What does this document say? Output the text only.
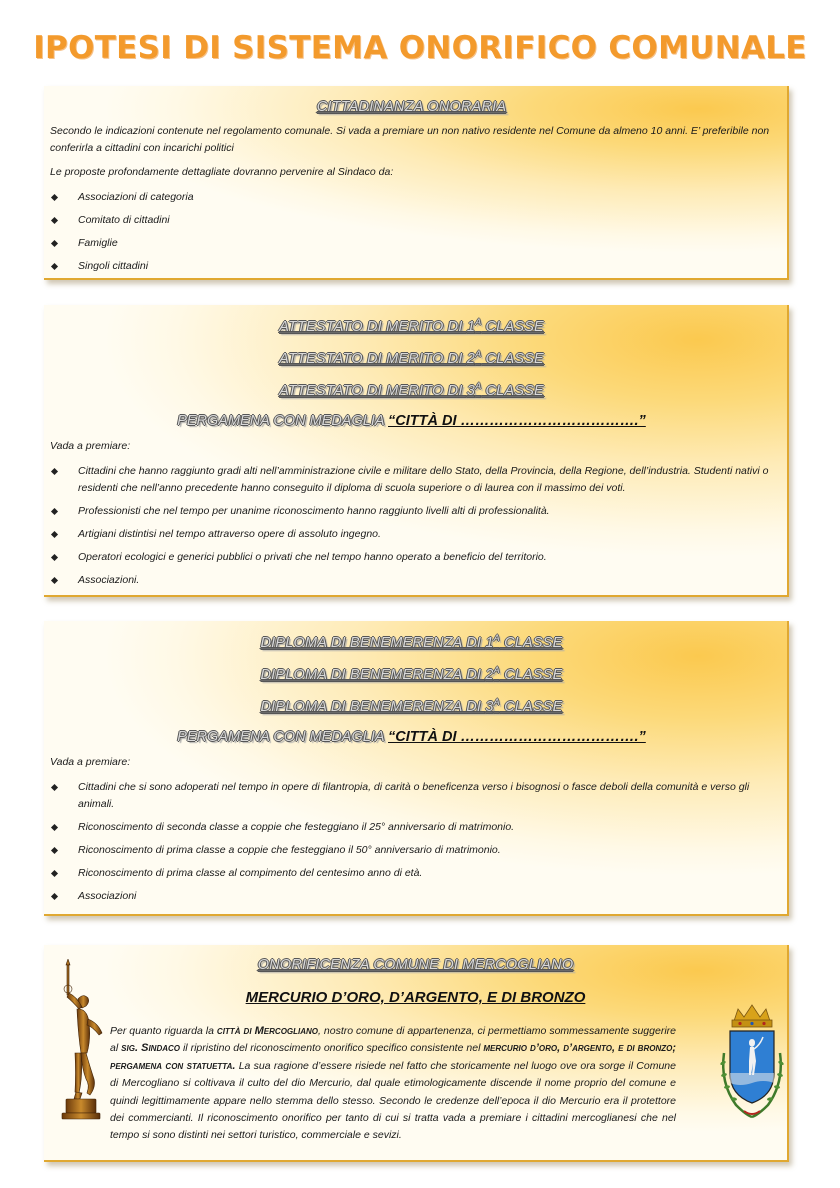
IPOTESI DI SISTEMA ONORIFICO COMUNALE
CITTADINANZA ONORARIA

Secondo le indicazioni contenute nel regolamento comunale. Si vada a premiare un non nativo residente nel Comune da almeno 10 anni. E’ preferibile non conferirla a cittadini con incarichi politici

Le proposte profondamente dettagliate dovranno pervenire al Sindaco da:

Associazioni di categoria
Comitato di cittadini
Famiglie
Singoli cittadini
ATTESTATO DI MERITO DI $1^A$ CLASSE
ATTESTATO DI MERITO DI $2^A$ CLASSE
ATTESTATO DI MERITO DI $3^A$ CLASSE
PERGAMENA CON MEDAGLIA “CITTÀ DI ……………………………….”

Vada a premiare:

Cittadini che hanno raggiunto gradi alti nell’amministrazione civile e militare dello Stato, della Provincia, della Regione, dell’industria. Studenti nativi o residenti che nell’anno precedente hanno conseguito il diploma di scuola superiore o di laurea con il massimo dei voti.
Professionisti che nel tempo per unanime riconoscimento hanno raggiunto livelli alti di professionalità.
Artigiani distintisi nel tempo attraverso opere di assoluto ingegno.
Operatori ecologici e generici pubblici o privati che nel tempo hanno operato a beneficio del territorio.
Associazioni.
DIPLOMA DI BENEMERENZA DI $1^A$ CLASSE
DIPLOMA DI BENEMERENZA DI $2^A$ CLASSE
DIPLOMA DI BENEMERENZA DI $3^A$ CLASSE
PERGAMENA CON MEDAGLIA “CITTÀ DI ……………………………….”

Vada a premiare:

Cittadini che si sono adoperati nel tempo in opere di filantropia, di carità o beneficenza verso i bisognosi o fasce deboli della comunità e verso gli animali.
Riconoscimento di seconda classe a coppie che festeggiano il 25° anniversario di matrimonio.
Riconoscimento di prima classe a coppie che festeggiano il 50° anniversario di matrimonio.
Riconoscimento di prima classe al compimento del centesimo anno di età.
Associazioni
ONORIFICENZA COMUNE DI MERCOGLIANO
MERCURIO D’ORO, D’ARGENTO, E DI BRONZO
Per quanto riguarda la città di Mercogliano, nostro comune di appartenenza, ci permettiamo sommessamente suggerire al sig. Sindaco il ripristino del riconoscimento onorifico specifico consistente nel mercurio d’oro, d’argento, e di bronzo; pergamena con statuetta. La sua ragione d’essere risiede nel fatto che storicamente nel luogo ove ora sorge il Comune di Mercogliano si coltivava il culto del dio Mercurio, dal quale etimologicamente discende il nome proprio del comune e quindi legittimamente appare nello stemma dello stesso. Secondo le credenze dell’epoca il dio Mercurio era il protettore dei commercianti. Il riconoscimento onorifico per tanto di cui si tratta vada a premiare i cittadini mercoglianesi che nel tempo si sono distinti nei settori turistico, commerciale e sevizi.
